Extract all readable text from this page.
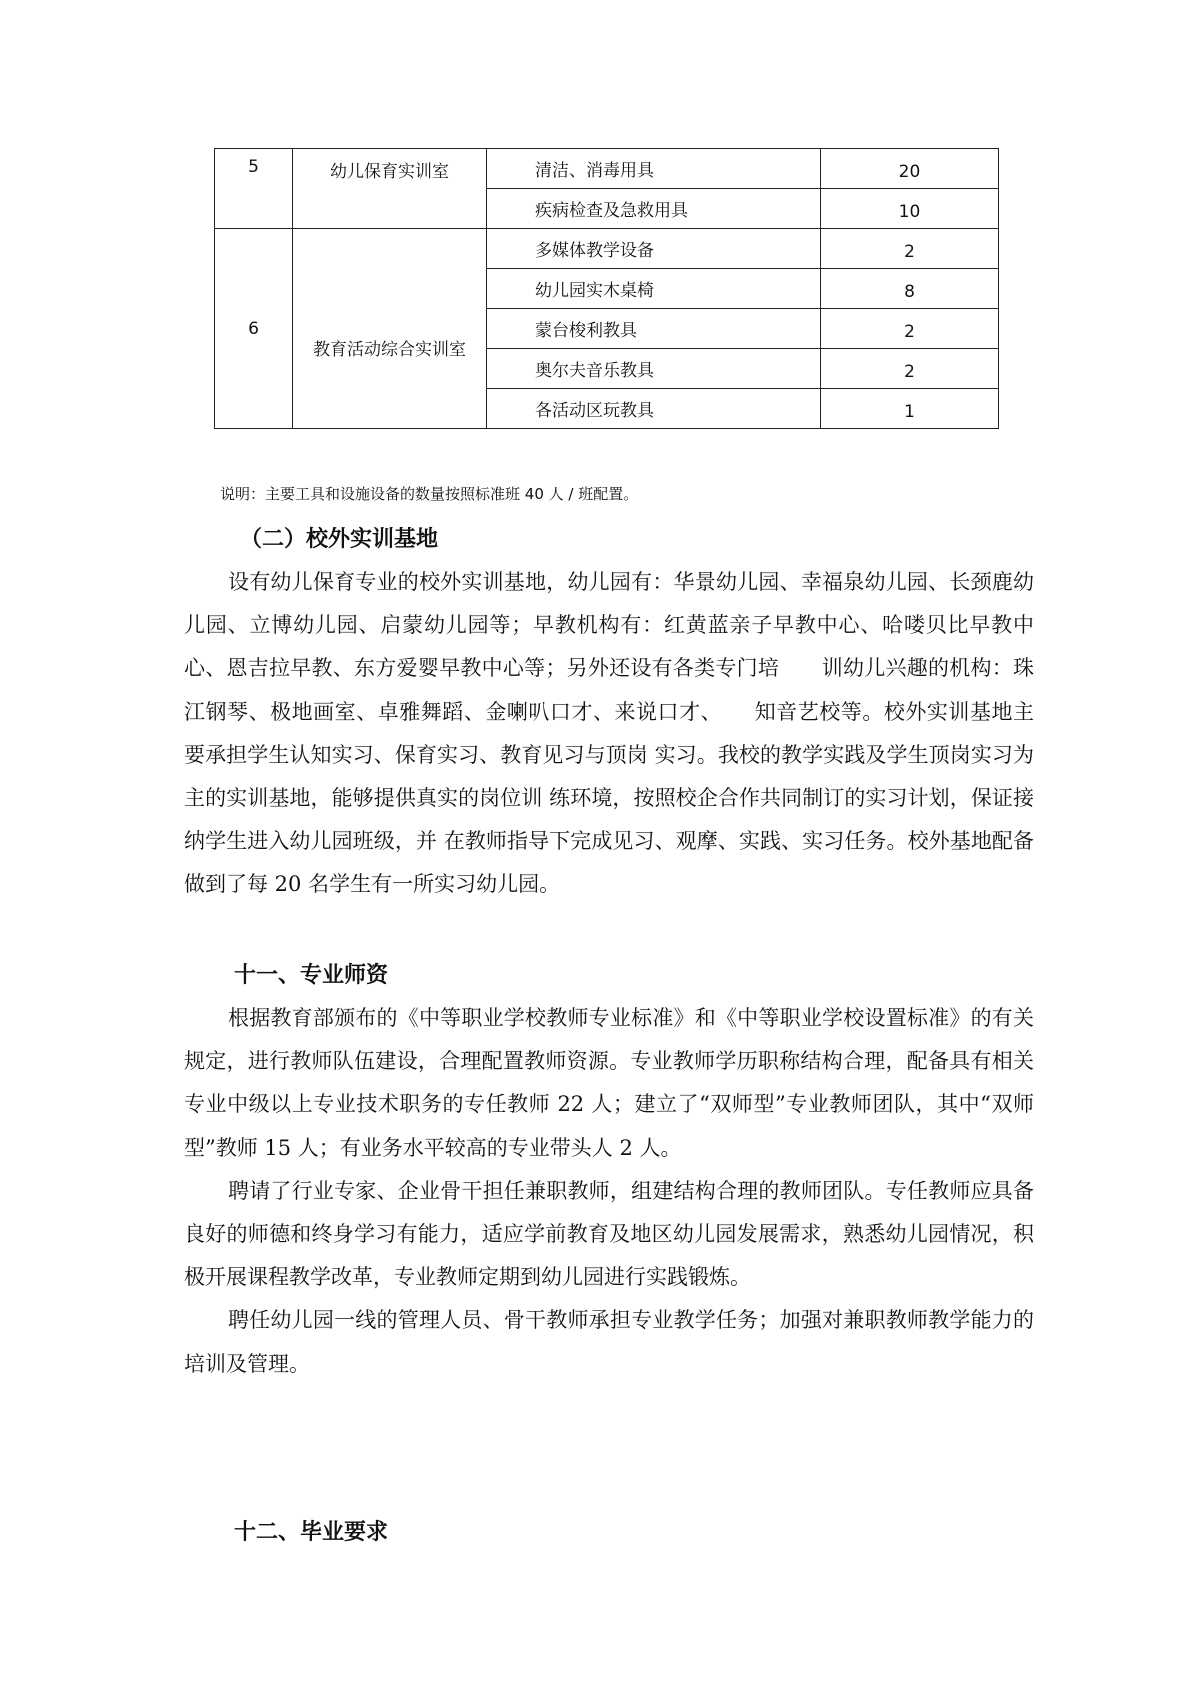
5	幼儿保育实训室	清洁、消毒用具	20
		疾病检查及急救用具	10
6	教育活动综合实训室	多媒体教学设备	2
		幼儿园实木桌椅	8
		蒙台梭利教具	2
		奥尔夫音乐教具	2
		各活动区玩教具	1
说明：主要工具和设施设备的数量按照标准班 40 人 / 班配置。
（二）校外实训基地

设有幼儿保育专业的校外实训基地，幼儿园有：华景幼儿园、幸福泉幼儿园、长颈鹿幼儿园、立博幼儿园、启蒙幼儿园等；早教机构有：红黄蓝亲子早教中心、哈喽贝比早教中心、恩吉拉早教、东方爱婴早教中心等；另外还设有各类专门培　　训幼儿兴趣的机构：珠江钢琴、极地画室、卓雅舞蹈、金喇叭口才、来说口才、　　知音艺校等。校外实训基地主要承担学生认知实习、保育实习、教育见习与顶岗 实习。我校的教学实践及学生顶岗实习为主的实训基地，能够提供真实的岗位训 练环境，按照校企合作共同制订的实习计划，保证接纳学生进入幼儿园班级，并 在教师指导下完成见习、观摩、实践、实习任务。校外基地配备做到了每 20 名学生有一所实习幼儿园。

十一、专业师资

根据教育部颁布的《中等职业学校教师专业标准》和《中等职业学校设置标准》的有关规定，进行教师队伍建设，合理配置教师资源。专业教师学历职称结构合理，配备具有相关专业中级以上专业技术职务的专任教师 22 人；建立了“双师型”专业教师团队，其中“双师型”教师 15 人；有业务水平较高的专业带头人 2 人。

聘请了行业专家、企业骨干担任兼职教师，组建结构合理的教师团队。专任教师应具备良好的师德和终身学习有能力，适应学前教育及地区幼儿园发展需求，熟悉幼儿园情况，积极开展课程教学改革，专业教师定期到幼儿园进行实践锻炼。

聘任幼儿园一线的管理人员、骨干教师承担专业教学任务；加强对兼职教师教学能力的培训及管理。

十二、毕业要求
